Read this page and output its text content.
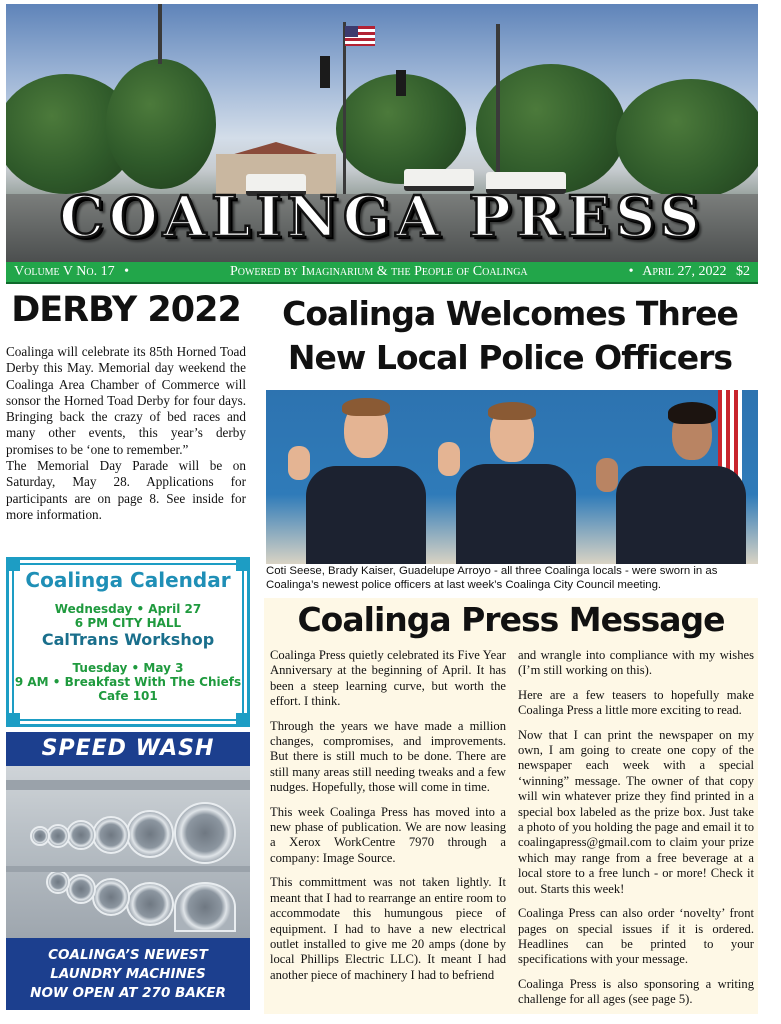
COALINGA PRESS
Volume V No. 17 •	Powered by Imaginarium & the People of Coalinga	• April 27, 2022 $2
DERBY 2022

Coalinga will celebrate its 85th Horned Toad Derby this May. Memorial day weekend the Coalinga Area Chamber of Commerce will sonsor the Horned Toad Derby for four days. Bringing back the crazy of bed races and many other events, this year’s derby promises to be ‘one to remember.”

The Memorial Day Parade will be on Saturday, May 28. Applications for participants are on page 8. See inside for more information.

Coalinga Calendar
Wednesday • April 27
6 PM CITY HALL
CalTrans Workshop
Tuesday • May 3
9 AM • Breakfast With The Chiefs
Cafe 101
SPEED WASH
COALINGA’S NEWEST
LAUNDRY MACHINES
NOW OPEN AT 270 BAKER
Coalinga Welcomes Three
New Local Police Officers
Coti Seese, Brady Kaiser, Guadelupe Arroyo - all three Coalinga locals - were sworn in as Coalinga’s newest police officers at last week’s Coalinga City Council meeting.
Coalinga Press Message

Coalinga Press quietly celebrated its Five Year Anniversary at the beginning of April. It has been a steep learning curve, but worth the effort. I think.

Through the years we have made a million changes, compromises, and improvements. But there is still much to be done. There are still many areas still needing tweaks and a few nudges. Hopefully, those will come in time.

This week Coalinga Press has moved into a new phase of publication. We are now leasing a Xerox WorkCentre 7970 through a company: Image Source.

This committment was not taken lightly. It meant that I had to rearrange an entire room to accommodate this humungous piece of equipment. I had to have a new electrical outlet installed to give me 20 amps (done by local Phillips Electric LLC). It meant I had another piece of machinery I had to befriend

and wrangle into compliance with my wishes (I’m still working on this).

Here are a few teasers to hopefully make Coalinga Press a little more exciting to read.

Now that I can print the newspaper on my own, I am going to create one copy of the newspaper each week with a special ‘winning” message. The owner of that copy will win whatever prize they find printed in a special box labeled as the prize box. Just take a photo of you holding the page and email it to coalingapress@gmail.com to claim your prize which may range from a free beverage at a local store to a free lunch - or more! Check it out. Starts this week!

Coalinga Press can also order ‘novelty’ front pages on special issues if it is ordered. Headlines can be printed to your specifications with your message.

Coalinga Press is also sponsoring a writing challenge for all ages (see page 5).
